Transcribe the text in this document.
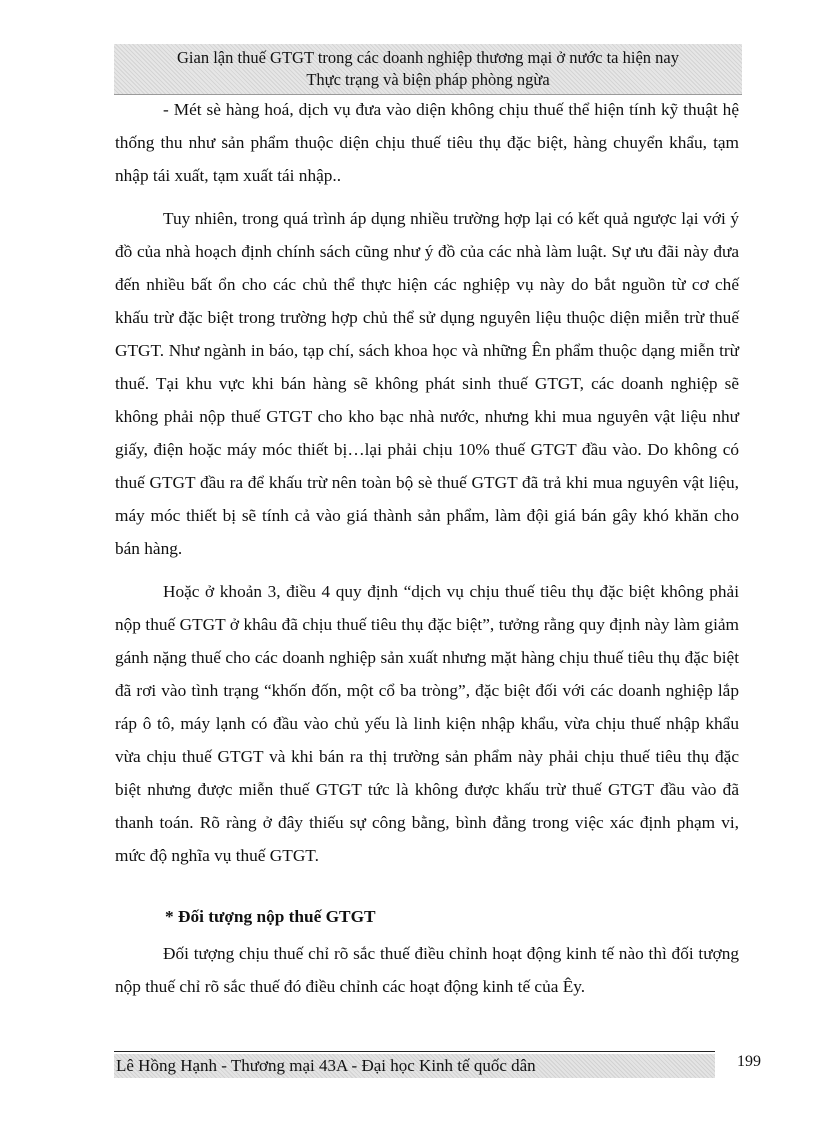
Gian lận thuế GTGT trong các doanh nghiệp thương mại ở nước ta hiện nay
Thực trạng và biện pháp phòng ngừa

- Mét sè hàng hoá, dịch vụ đưa vào diện không chịu thuế thể hiện tính kỹ thuật hệ thống thu như sản phẩm thuộc diện chịu thuế tiêu thụ đặc biệt, hàng chuyển khẩu, tạm nhập tái xuất, tạm xuất tái nhập..

Tuy nhiên, trong quá trình áp dụng nhiều trường hợp lại có kết quả ngược lại với ý đồ của nhà hoạch định chính sách cũng như ý đồ của các nhà làm luật. Sự ưu đãi này đưa đến nhiều bất ổn cho các chủ thể thực hiện các nghiệp vụ này do bắt nguồn từ cơ chế khấu trừ đặc biệt trong trường hợp chủ thể sử dụng nguyên liệu thuộc diện miễn trừ thuế GTGT. Như ngành in báo, tạp chí, sách khoa học và những Ên phẩm thuộc dạng miễn trừ thuế. Tại khu vực khi bán hàng sẽ không phát sinh thuế GTGT, các doanh nghiệp sẽ không phải nộp thuế GTGT cho kho bạc nhà nước, nhưng khi mua nguyên vật liệu như giấy, điện hoặc máy móc thiết bị…lại phải chịu 10% thuế GTGT đầu vào. Do không có thuế GTGT đầu ra để khấu trừ nên toàn bộ sè thuế GTGT đã trả khi mua nguyên vật liệu, máy móc thiết bị sẽ tính cả vào giá thành sản phẩm, làm đội giá bán gây khó khăn cho bán hàng.

Hoặc ở khoản 3, điều 4 quy định “dịch vụ chịu thuế tiêu thụ đặc biệt không phải nộp thuế GTGT ở khâu đã chịu thuế tiêu thụ đặc biệt”, tưởng rằng quy định này làm giảm gánh nặng thuế cho các doanh nghiệp sản xuất nhưng mặt hàng chịu thuế tiêu thụ đặc biệt đã rơi vào tình trạng “khốn đốn, một cổ ba tròng”, đặc biệt đối với các doanh nghiệp lắp ráp ô tô, máy lạnh có đầu vào chủ yếu là linh kiện nhập khẩu, vừa chịu thuế nhập khẩu vừa chịu thuế GTGT và khi bán ra thị trường sản phẩm này phải chịu thuế tiêu thụ đặc biệt nhưng được miễn thuế GTGT tức là không được khấu trừ thuế GTGT đầu vào đã thanh toán. Rõ ràng ở đây thiếu sự công bằng, bình đẳng trong việc xác định phạm vi, mức độ nghĩa vụ thuế GTGT.

* Đối tượng nộp thuế GTGT

Đối tượng chịu thuế chỉ rõ sắc thuế điều chỉnh hoạt động kinh tế nào thì đối tượng nộp thuế chỉ rõ sắc thuế đó điều chỉnh các hoạt động kinh tế của Êy.

Lê Hồng Hạnh - Thương mại 43A - Đại học Kinh tế quốc dân	199
